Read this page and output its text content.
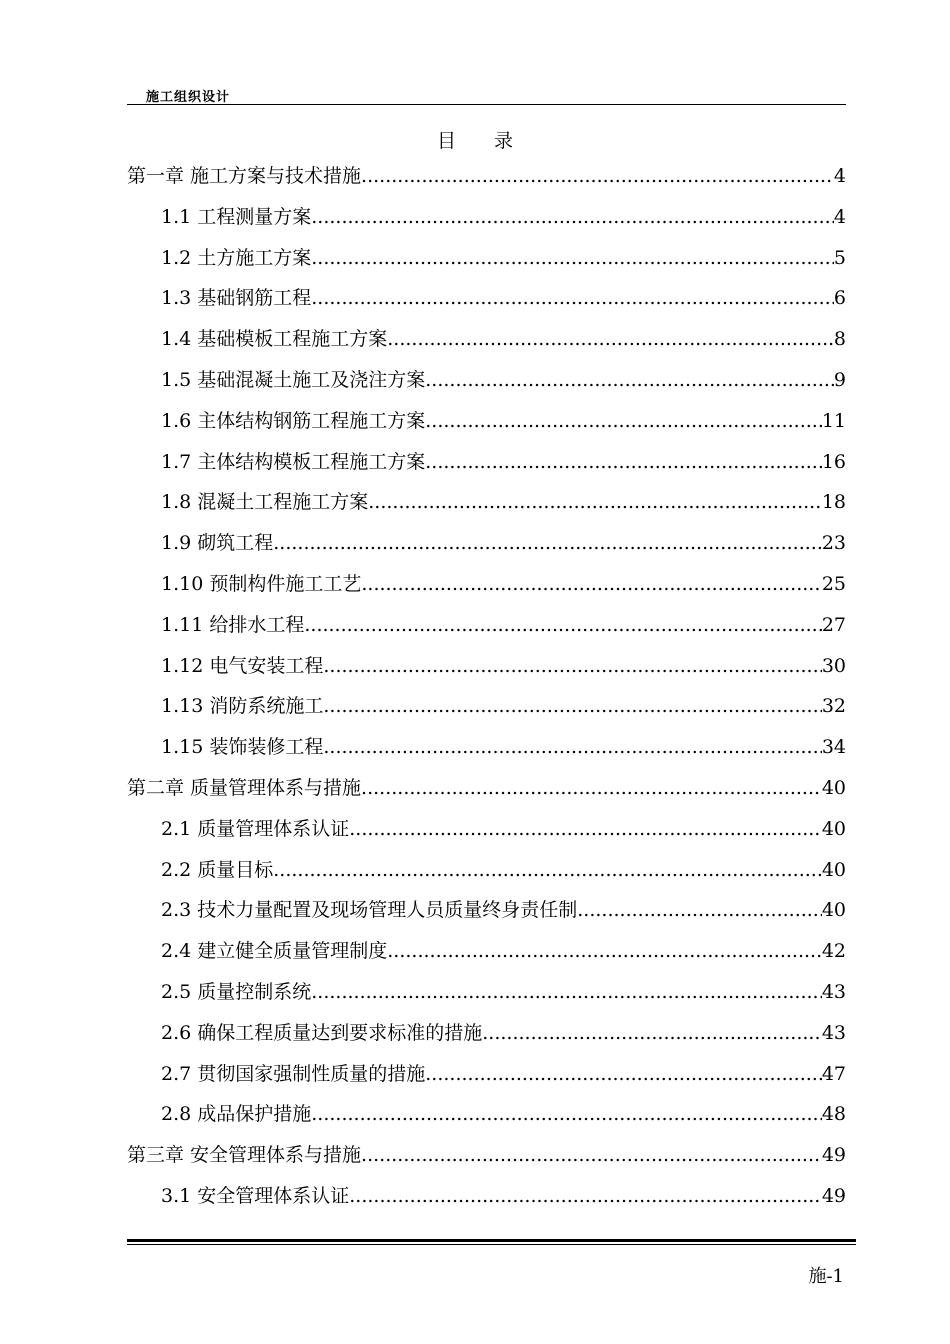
施工组织设计
目 录
第一章 施工方案与技术措施 .....	4
1.1 工程测量方案 .....	4
1.2 土方施工方案 .....	5
1.3 基础钢筋工程 .....	6
1.4 基础模板工程施工方案 .....	8
1.5 基础混凝土施工及浇注方案 .....	9
1.6 主体结构钢筋工程施工方案 .....	11
1.7 主体结构模板工程施工方案 .....	16
1.8 混凝土工程施工方案 .....	18
1.9 砌筑工程 .....	23
1.10 预制构件施工工艺 .....	25
1.11 给排水工程 .....	27
1.12 电气安装工程 .....	30
1.13 消防系统施工 .....	32
1.15 装饰装修工程 .....	34
第二章 质量管理体系与措施 .....	40
2.1 质量管理体系认证 .....	40
2.2 质量目标 .....	40
2.3 技术力量配置及现场管理人员质量终身责任制 .....	40
2.4 建立健全质量管理制度 .....	42
2.5 质量控制系统 .....	43
2.6 确保工程质量达到要求标准的措施 .....	43
2.7 贯彻国家强制性质量的措施 .....	47
2.8 成品保护措施 .....	48
第三章 安全管理体系与措施 .....	49
3.1 安全管理体系认证 .....	49
施-1
